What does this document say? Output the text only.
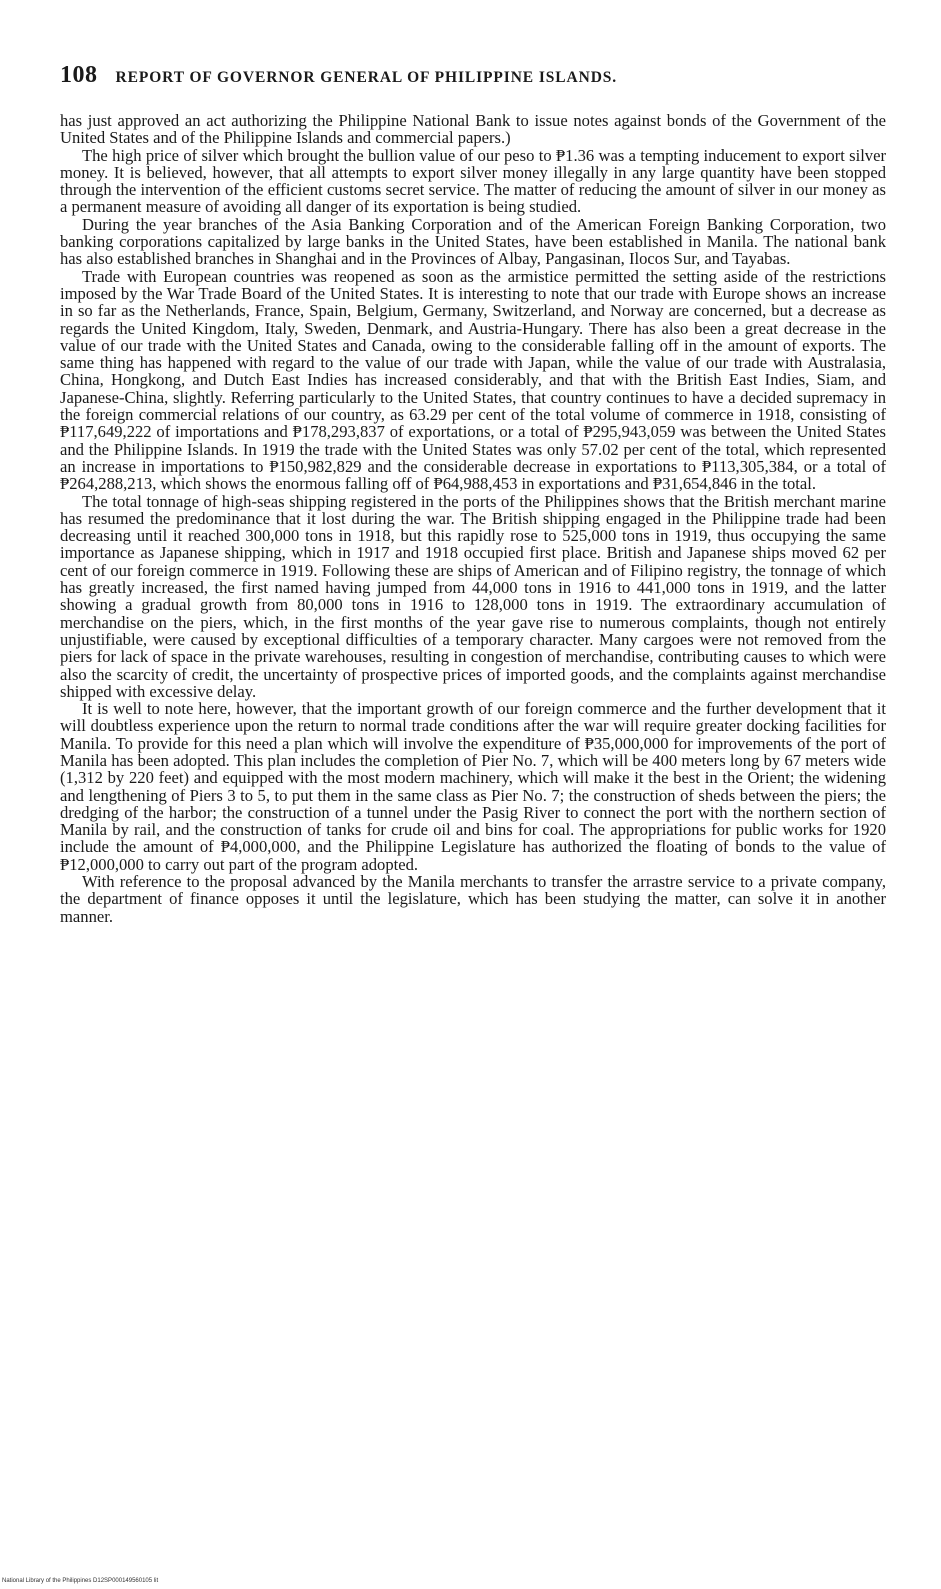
108 REPORT OF GOVERNOR GENERAL OF PHILIPPINE ISLANDS.

has just approved an act authorizing the Philippine National Bank to issue notes against bonds of the Government of the United States and of the Philippine Islands and commercial papers.)

The high price of silver which brought the bullion value of our peso to ₱1.36 was a tempting inducement to export silver money. It is believed, however, that all attempts to export silver money illegally in any large quantity have been stopped through the intervention of the efficient customs secret service. The matter of reducing the amount of silver in our money as a permanent measure of avoiding all danger of its exportation is being studied.

During the year branches of the Asia Banking Corporation and of the American Foreign Banking Corporation, two banking corporations capitalized by large banks in the United States, have been established in Manila. The national bank has also established branches in Shanghai and in the Provinces of Albay, Pangasinan, Ilocos Sur, and Tayabas.

Trade with European countries was reopened as soon as the armistice permitted the setting aside of the restrictions imposed by the War Trade Board of the United States. It is interesting to note that our trade with Europe shows an increase in so far as the Netherlands, France, Spain, Belgium, Germany, Switzerland, and Norway are concerned, but a decrease as regards the United Kingdom, Italy, Sweden, Denmark, and Austria-Hungary. There has also been a great decrease in the value of our trade with the United States and Canada, owing to the considerable falling off in the amount of exports. The same thing has happened with regard to the value of our trade with Japan, while the value of our trade with Australasia, China, Hongkong, and Dutch East Indies has increased considerably, and that with the British East Indies, Siam, and Japanese-China, slightly. Referring particularly to the United States, that country continues to have a decided supremacy in the foreign commercial relations of our country, as 63.29 per cent of the total volume of commerce in 1918, consisting of ₱117,649,222 of importations and ₱178,293,837 of exportations, or a total of ₱295,943,059 was between the United States and the Philippine Islands. In 1919 the trade with the United States was only 57.02 per cent of the total, which represented an increase in importations to ₱150,982,829 and the considerable decrease in exportations to ₱113,305,384, or a total of ₱264,288,213, which shows the enormous falling off of ₱64,988,453 in exportations and ₱31,654,846 in the total.

The total tonnage of high-seas shipping registered in the ports of the Philippines shows that the British merchant marine has resumed the predominance that it lost during the war. The British shipping engaged in the Philippine trade had been decreasing until it reached 300,000 tons in 1918, but this rapidly rose to 525,000 tons in 1919, thus occupying the same importance as Japanese shipping, which in 1917 and 1918 occupied first place. British and Japanese ships moved 62 per cent of our foreign commerce in 1919. Following these are ships of American and of Filipino registry, the tonnage of which has greatly increased, the first named having jumped from 44,000 tons in 1916 to 441,000 tons in 1919, and the latter showing a gradual growth from 80,000 tons in 1916 to 128,000 tons in 1919. The extraordinary accumulation of merchandise on the piers, which, in the first months of the year gave rise to numerous complaints, though not entirely unjustifiable, were caused by exceptional difficulties of a temporary character. Many cargoes were not removed from the piers for lack of space in the private warehouses, resulting in congestion of merchandise, contributing causes to which were also the scarcity of credit, the uncertainty of prospective prices of imported goods, and the complaints against merchandise shipped with excessive delay.

It is well to note here, however, that the important growth of our foreign commerce and the further development that it will doubtless experience upon the return to normal trade conditions after the war will require greater docking facilities for Manila. To provide for this need a plan which will involve the expenditure of ₱35,000,000 for improvements of the port of Manila has been adopted. This plan includes the completion of Pier No. 7, which will be 400 meters long by 67 meters wide (1,312 by 220 feet) and equipped with the most modern machinery, which will make it the best in the Orient; the widening and lengthening of Piers 3 to 5, to put them in the same class as Pier No. 7; the construction of sheds between the piers; the dredging of the harbor; the construction of a tunnel under the Pasig River to connect the port with the northern section of Manila by rail, and the construction of tanks for crude oil and bins for coal. The appropriations for public works for 1920 include the amount of ₱4,000,000, and the Philippine Legislature has authorized the floating of bonds to the value of ₱12,000,000 to carry out part of the program adopted.

With reference to the proposal advanced by the Manila merchants to transfer the arrastre service to a private company, the department of finance opposes it until the legislature, which has been studying the matter, can solve it in another manner.

National Library of the Philippines D12SP000149560105 lit
